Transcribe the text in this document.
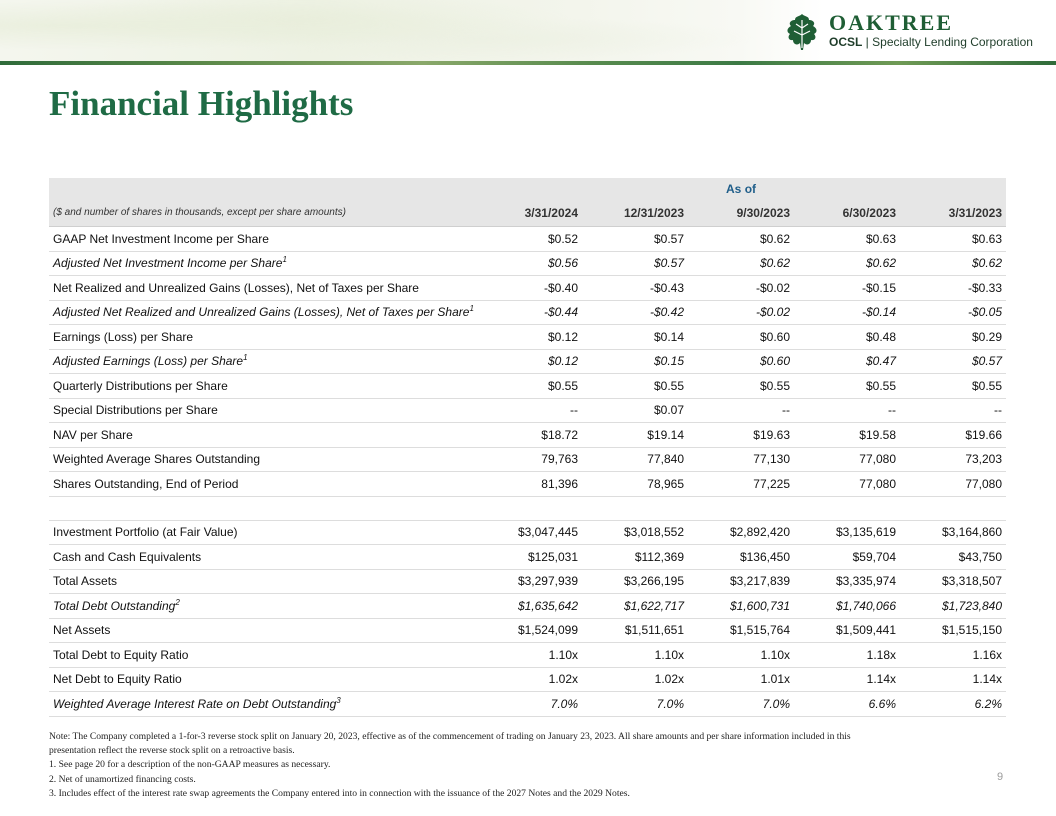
OAKTREE
OCSL | Specialty Lending Corporation
Financial Highlights
	As of				
($ and number of shares in thousands, except per share amounts)	3/31/2024	12/31/2023	9/30/2023	6/30/2023	3/31/2023
GAAP Net Investment Income per Share	$0.52	$0.57	$0.62	$0.63	$0.63
Adjusted Net Investment Income per Share$^1$	$0.56	$0.57	$0.62	$0.62	$0.62
Net Realized and Unrealized Gains (Losses), Net of Taxes per Share	-$0.40	-$0.43	-$0.02	-$0.15	-$0.33
Adjusted Net Realized and Unrealized Gains (Losses), Net of Taxes per Share$^1$	-$0.44	-$0.42	-$0.02	-$0.14	-$0.05
Earnings (Loss) per Share	$0.12	$0.14	$0.60	$0.48	$0.29
Adjusted Earnings (Loss) per Share$^1$	$0.12	$0.15	$0.60	$0.47	$0.57
Quarterly Distributions per Share	$0.55	$0.55	$0.55	$0.55	$0.55
Special Distributions per Share	--	$0.07	--	--	--
NAV per Share	$18.72	$19.14	$19.63	$19.58	$19.66
Weighted Average Shares Outstanding	79,763	77,840	77,130	77,080	73,203
Shares Outstanding, End of Period	81,396	78,965	77,225	77,080	77,080

Investment Portfolio (at Fair Value)	$3,047,445	$3,018,552	$2,892,420	$3,135,619	$3,164,860
Cash and Cash Equivalents	$125,031	$112,369	$136,450	$59,704	$43,750
Total Assets	$3,297,939	$3,266,195	$3,217,839	$3,335,974	$3,318,507
Total Debt Outstanding$^2$	$1,635,642	$1,622,717	$1,600,731	$1,740,066	$1,723,840
Net Assets	$1,524,099	$1,511,651	$1,515,764	$1,509,441	$1,515,150
Total Debt to Equity Ratio	1.10x	1.10x	1.10x	1.18x	1.16x
Net Debt to Equity Ratio	1.02x	1.02x	1.01x	1.14x	1.14x
Weighted Average Interest Rate on Debt Outstanding$^3$	7.0%	7.0%	7.0%	6.6%	6.2%

Note: The Company completed a 1-for-3 reverse stock split on January 20, 2023, effective as of the commencement of trading on January 23, 2023. All share amounts and per share information included in this

presentation reflect the reverse stock split on a retroactive basis.

1. See page 20 for a description of the non-GAAP measures as necessary.

2. Net of unamortized financing costs.

3. Includes effect of the interest rate swap agreements the Company entered into in connection with the issuance of the 2027 Notes and the 2029 Notes.

9
